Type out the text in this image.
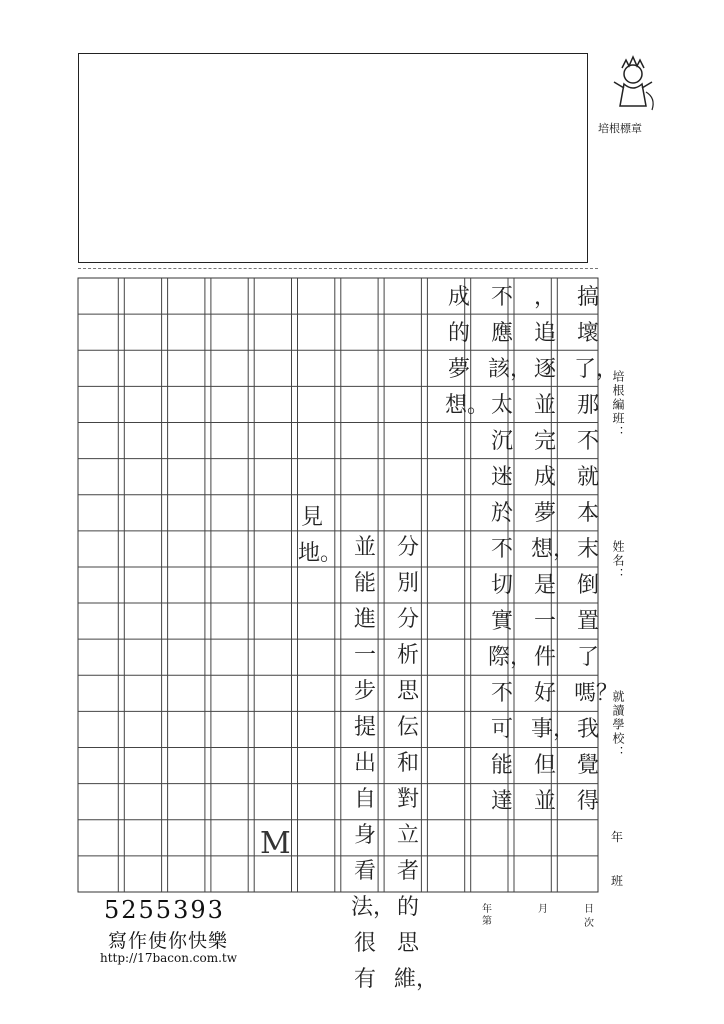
培根標章
搞壞了，那不就本末倒置了嗎？我覺得
，追逐並完成夢想，是一件好事，但並
不應該，太沉迷於不切實際，不可能達
成的夢想。
分別分析思伝和對立者的思維，
並能進一步提出自身看法，很有
見地。
M
培根編班：
姓名：
就讀學校：
年
班
年
第
月	日
次
5255393
寫作使你快樂
http://17bacon.com.tw
